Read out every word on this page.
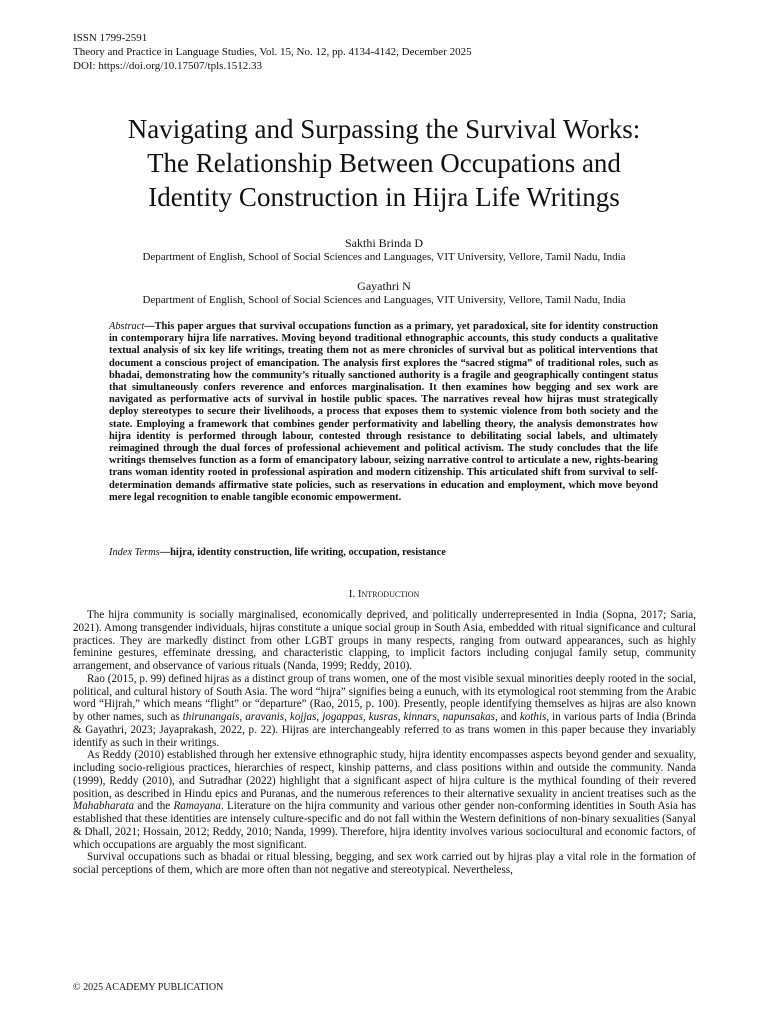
ISSN 1799-2591
Theory and Practice in Language Studies, Vol. 15, No. 12, pp. 4134-4142, December 2025
DOI: https://doi.org/10.17507/tpls.1512.33
Navigating and Surpassing the Survival Works:
The Relationship Between Occupations and
Identity Construction in Hijra Life Writings
Sakthi Brinda D
Department of English, School of Social Sciences and Languages, VIT University, Vellore, Tamil Nadu, India
Gayathri N
Department of English, School of Social Sciences and Languages, VIT University, Vellore, Tamil Nadu, India
Abstract—This paper argues that survival occupations function as a primary, yet paradoxical, site for identity construction in contemporary hijra life narratives. Moving beyond traditional ethnographic accounts, this study conducts a qualitative textual analysis of six key life writings, treating them not as mere chronicles of survival but as political interventions that document a conscious project of emancipation. The analysis first explores the “sacred stigma” of traditional roles, such as bhadai, demonstrating how the community’s ritually sanctioned authority is a fragile and geographically contingent status that simultaneously confers reverence and enforces marginalisation. It then examines how begging and sex work are navigated as performative acts of survival in hostile public spaces. The narratives reveal how hijras must strategically deploy stereotypes to secure their livelihoods, a process that exposes them to systemic violence from both society and the state. Employing a framework that combines gender performativity and labelling theory, the analysis demonstrates how hijra identity is performed through labour, contested through resistance to debilitating social labels, and ultimately reimagined through the dual forces of professional achievement and political activism. The study concludes that the life writings themselves function as a form of emancipatory labour, seizing narrative control to articulate a new, rights-bearing trans woman identity rooted in professional aspiration and modern citizenship. This articulated shift from survival to self-determination demands affirmative state policies, such as reservations in education and employment, which move beyond mere legal recognition to enable tangible economic empowerment.
Index Terms—hijra, identity construction, life writing, occupation, resistance
I. Introduction

The hijra community is socially marginalised, economically deprived, and politically underrepresented in India (Sopna, 2017; Saria, 2021). Among transgender individuals, hijras constitute a unique social group in South Asia, embedded with ritual significance and cultural practices. They are markedly distinct from other LGBT groups in many respects, ranging from outward appearances, such as highly feminine gestures, effeminate dressing, and characteristic clapping, to implicit factors including conjugal family setup, community arrangement, and observance of various rituals (Nanda, 1999; Reddy, 2010).

Rao (2015, p. 99) defined hijras as a distinct group of trans women, one of the most visible sexual minorities deeply rooted in the social, political, and cultural history of South Asia. The word “hijra” signifies being a eunuch, with its etymological root stemming from the Arabic word “Hijrah,” which means “flight” or “departure” (Rao, 2015, p. 100). Presently, people identifying themselves as hijras are also known by other names, such as thirunangais, aravanis, kojjas, jogappas, kusras, kinnars, napunsakas, and kothis, in various parts of India (Brinda & Gayathri, 2023; Jayaprakash, 2022, p. 22). Hijras are interchangeably referred to as trans women in this paper because they invariably identify as such in their writings.

As Reddy (2010) established through her extensive ethnographic study, hijra identity encompasses aspects beyond gender and sexuality, including socio-religious practices, hierarchies of respect, kinship patterns, and class positions within and outside the community. Nanda (1999), Reddy (2010), and Sutradhar (2022) highlight that a significant aspect of hijra culture is the mythical founding of their revered position, as described in Hindu epics and Puranas, and the numerous references to their alternative sexuality in ancient treatises such as the Mahabharata and the Ramayana. Literature on the hijra community and various other gender non-conforming identities in South Asia has established that these identities are intensely culture-specific and do not fall within the Western definitions of non-binary sexualities (Sanyal & Dhall, 2021; Hossain, 2012; Reddy, 2010; Nanda, 1999). Therefore, hijra identity involves various sociocultural and economic factors, of which occupations are arguably the most significant.

Survival occupations such as bhadai or ritual blessing, begging, and sex work carried out by hijras play a vital role in the formation of social perceptions of them, which are more often than not negative and stereotypical. Nevertheless,

© 2025 ACADEMY PUBLICATION
